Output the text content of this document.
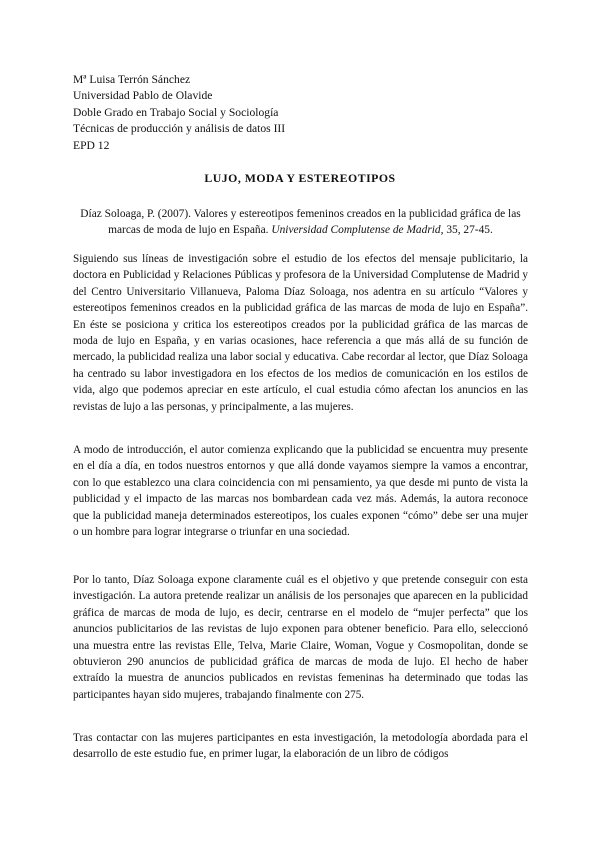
Mª Luisa Terrón Sánchez
Universidad Pablo de Olavide
Doble Grado en Trabajo Social y Sociología
Técnicas de producción y análisis de datos III
EPD 12
LUJO, MODA Y ESTEREOTIPOS
Díaz Soloaga, P. (2007). Valores y estereotipos femeninos creados en la publicidad gráfica de las marcas de moda de lujo en España. Universidad Complutense de Madrid, 35, 27-45.

Siguiendo sus líneas de investigación sobre el estudio de los efectos del mensaje publicitario, la doctora en Publicidad y Relaciones Públicas y profesora de la Universidad Complutense de Madrid y del Centro Universitario Villanueva, Paloma Díaz Soloaga, nos adentra en su artículo “Valores y estereotipos femeninos creados en la publicidad gráfica de las marcas de moda de lujo en España”. En éste se posiciona y critica los estereotipos creados por la publicidad gráfica de las marcas de moda de lujo en España, y en varias ocasiones, hace referencia a que más allá de su función de mercado, la publicidad realiza una labor social y educativa. Cabe recordar al lector, que Díaz Soloaga ha centrado su labor investigadora en los efectos de los medios de comunicación en los estilos de vida, algo que podemos apreciar en este artículo, el cual estudia cómo afectan los anuncios en las revistas de lujo a las personas, y principalmente, a las mujeres.

A modo de introducción, el autor comienza explicando que la publicidad se encuentra muy presente en el día a día, en todos nuestros entornos y que allá donde vayamos siempre la vamos a encontrar, con lo que establezco una clara coincidencia con mi pensamiento, ya que desde mi punto de vista la publicidad y el impacto de las marcas nos bombardean cada vez más. Además, la autora reconoce que la publicidad maneja determinados estereotipos, los cuales exponen “cómo” debe ser una mujer o un hombre para lograr integrarse o triunfar en una sociedad.

Por lo tanto, Díaz Soloaga expone claramente cuál es el objetivo y que pretende conseguir con esta investigación. La autora pretende realizar un análisis de los personajes que aparecen en la publicidad gráfica de marcas de moda de lujo, es decir, centrarse en el modelo de “mujer perfecta” que los anuncios publicitarios de las revistas de lujo exponen para obtener beneficio. Para ello, seleccionó una muestra entre las revistas Elle, Telva, Marie Claire, Woman, Vogue y Cosmopolitan, donde se obtuvieron 290 anuncios de publicidad gráfica de marcas de moda de lujo. El hecho de haber extraído la muestra de anuncios publicados en revistas femeninas ha determinado que todas las participantes hayan sido mujeres, trabajando finalmente con 275.

Tras contactar con las mujeres participantes en esta investigación, la metodología abordada para el desarrollo de este estudio fue, en primer lugar, la elaboración de un libro de códigos
